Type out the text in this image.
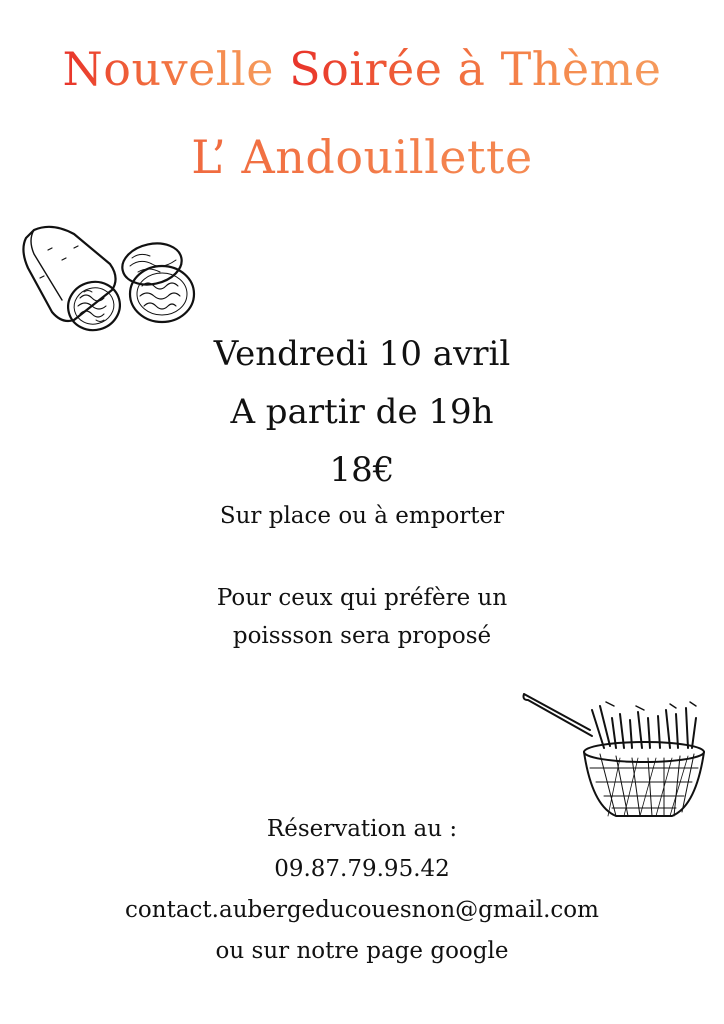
Nouvelle Soirée à Thème
L’ Andouillette
Vendredi 10 avril
A partir de 19h
18€
Sur place ou à emporter
Pour ceux qui préfère un
poissson sera proposé
Réservation au :
09.87.79.95.42
contact.aubergeducouesnon@gmail.com
ou sur notre page google
